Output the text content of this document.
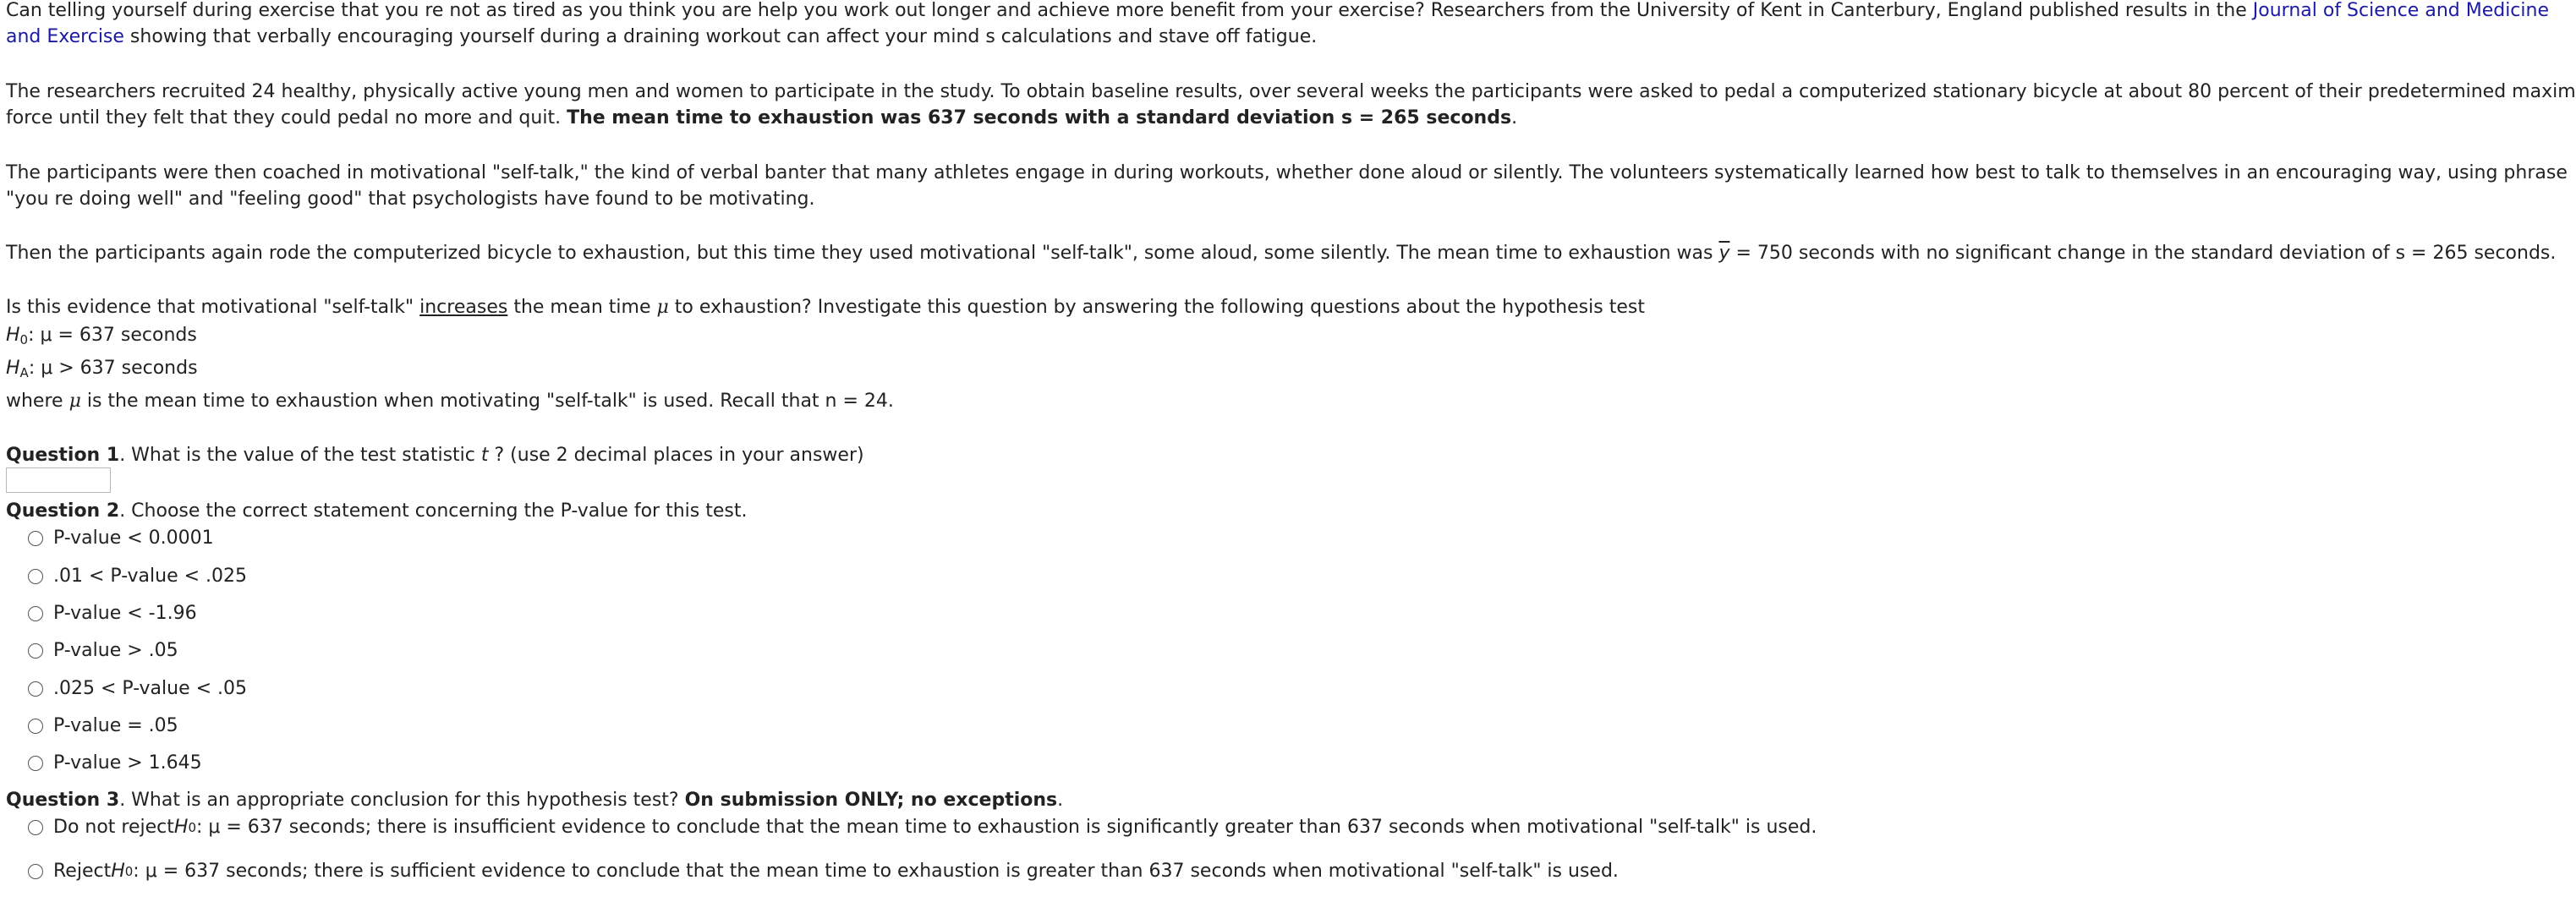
Can telling yourself during exercise that you re not as tired as you think you are help you work out longer and achieve more benefit from your exercise? Researchers from the University of Kent in Canterbury, England published results in the Journal of Science and Medicine
and Exercise showing that verbally encouraging yourself during a draining workout can affect your mind s calculations and stave off fatigue.
The researchers recruited 24 healthy, physically active young men and women to participate in the study. To obtain baseline results, over several weeks the participants were asked to pedal a computerized stationary bicycle at about 80 percent of their predetermined maxim
force until they felt that they could pedal no more and quit. The mean time to exhaustion was 637 seconds with a standard deviation s = 265 seconds.
The participants were then coached in motivational "self-talk," the kind of verbal banter that many athletes engage in during workouts, whether done aloud or silently. The volunteers systematically learned how best to talk to themselves in an encouraging way, using phrase
"you re doing well" and "feeling good" that psychologists have found to be motivating.
Then the participants again rode the computerized bicycle to exhaustion, but this time they used motivational "self-talk", some aloud, some silently. The mean time to exhaustion was $\overline{y} = 750$ seconds with no significant change in the standard deviation of s = 265 seconds.
Is this evidence that motivational "self-talk" increases the mean time μ to exhaustion? Investigate this question by answering the following questions about the hypothesis test
$H_0$: μ = 637 seconds
$H_A$: μ > 637 seconds
where μ is the mean time to exhaustion when motivating "self-talk" is used. Recall that n = 24.
Question 1. What is the value of the test statistic t ? (use 2 decimal places in your answer)
Question 2. Choose the correct statement concerning the P-value for this test.
P-value < 0.0001
.01 < P-value < .025
P-value < -1.96
P-value > .05
.025 < P-value < .05
P-value = .05
P-value > 1.645
Question 3. What is an appropriate conclusion for this hypothesis test? On submission ONLY; no exceptions.
Do not reject H 0 : μ = 637 seconds; there is insufficient evidence to conclude that the mean time to exhaustion is significantly greater than 637 seconds when motivational "self-talk" is used.
Reject H 0 : μ = 637 seconds; there is sufficient evidence to conclude that the mean time to exhaustion is greater than 637 seconds when motivational "self-talk" is used.
